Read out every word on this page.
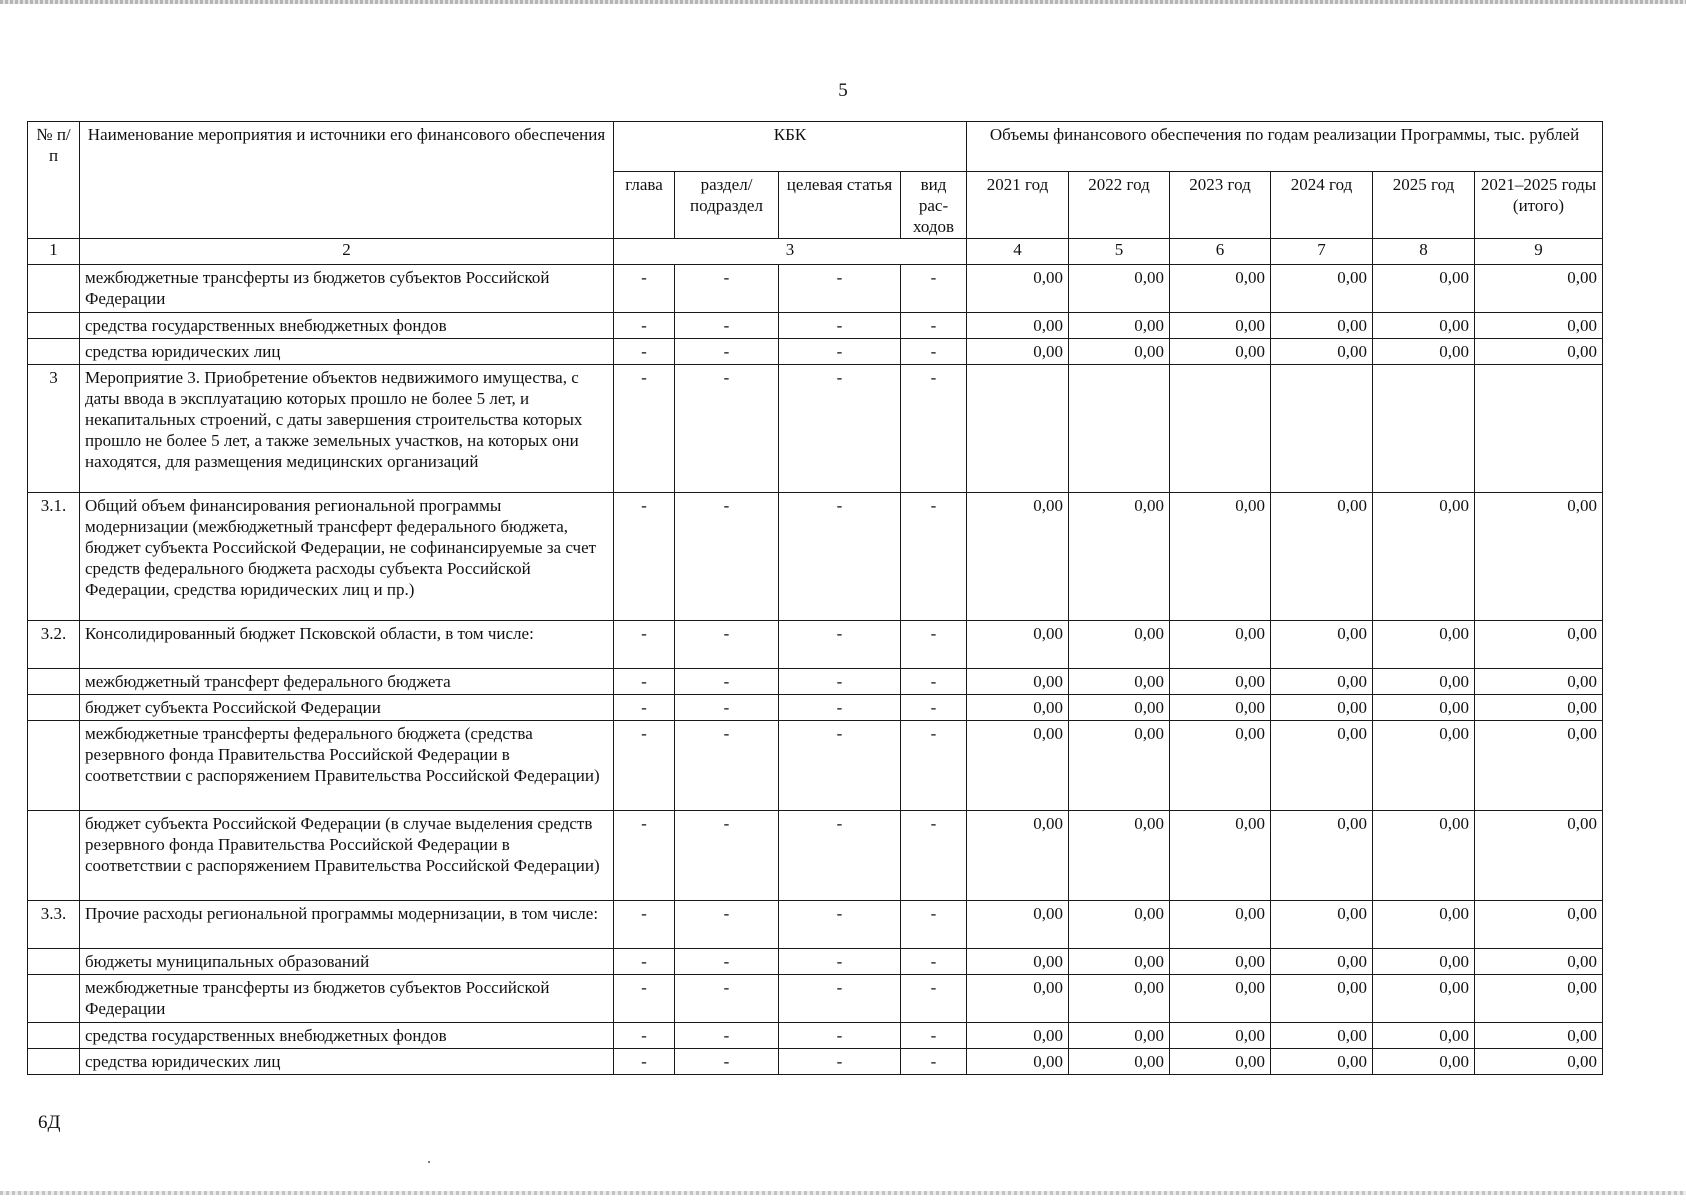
5
№ п/п	Наименование мероприятия и источники его финансового обеспечения	КБК				Объемы финансового обеспечения по годам реализации Программы, тыс. рублей					
		глава	раздел/ подраздел	целевая статья	вид рас-ходов	2021 год	2022 год	2023 год	2024 год	2025 год	2021–2025 годы (итого)
1	2	3				4	5	6	7	8	9
	межбюджетные трансферты из бюджетов субъектов Российской Федерации	-	-	-	-	0,00	0,00	0,00	0,00	0,00	0,00
	средства государственных внебюджетных фондов	-	-	-	-	0,00	0,00	0,00	0,00	0,00	0,00
	средства юридических лиц	-	-	-	-	0,00	0,00	0,00	0,00	0,00	0,00
3	Мероприятие 3. Приобретение объектов недвижимого имущества, с даты ввода в эксплуатацию которых прошло не более 5 лет, и некапитальных строений, с даты завершения строительства которых прошло не более 5 лет, а также земельных участков, на которых они находятся, для размещения медицинских организаций	-	-	-	-						
3.1.	Общий объем финансирования региональной программы модернизации (межбюджетный трансферт федерального бюджета, бюджет субъекта Российской Федерации, не софинансируемые за счет средств федерального бюджета расходы субъекта Российской Федерации, средства юридических лиц и пр.)	-	-	-	-	0,00	0,00	0,00	0,00	0,00	0,00
3.2.	Консолидированный бюджет Псковской области, в том числе:	-	-	-	-	0,00	0,00	0,00	0,00	0,00	0,00
	межбюджетный трансферт федерального бюджета	-	-	-	-	0,00	0,00	0,00	0,00	0,00	0,00
	бюджет субъекта Российской Федерации	-	-	-	-	0,00	0,00	0,00	0,00	0,00	0,00
	межбюджетные трансферты федерального бюджета (средства резервного фонда Правительства Российской Федерации в соответствии с распоряжением Правительства Российской Федерации)	-	-	-	-	0,00	0,00	0,00	0,00	0,00	0,00
	бюджет субъекта Российской Федерации (в случае выделения средств резервного фонда Правительства Российской Федерации в соответствии с распоряжением Правительства Российской Федерации)	-	-	-	-	0,00	0,00	0,00	0,00	0,00	0,00
3.3.	Прочие расходы региональной программы модернизации, в том числе:	-	-	-	-	0,00	0,00	0,00	0,00	0,00	0,00
	бюджеты муниципальных образований	-	-	-	-	0,00	0,00	0,00	0,00	0,00	0,00
	межбюджетные трансферты из бюджетов субъектов Российской Федерации	-	-	-	-	0,00	0,00	0,00	0,00	0,00	0,00
	средства государственных внебюджетных фондов	-	-	-	-	0,00	0,00	0,00	0,00	0,00	0,00
	средства юридических лиц	-	-	-	-	0,00	0,00	0,00	0,00	0,00	0,00
6Д
